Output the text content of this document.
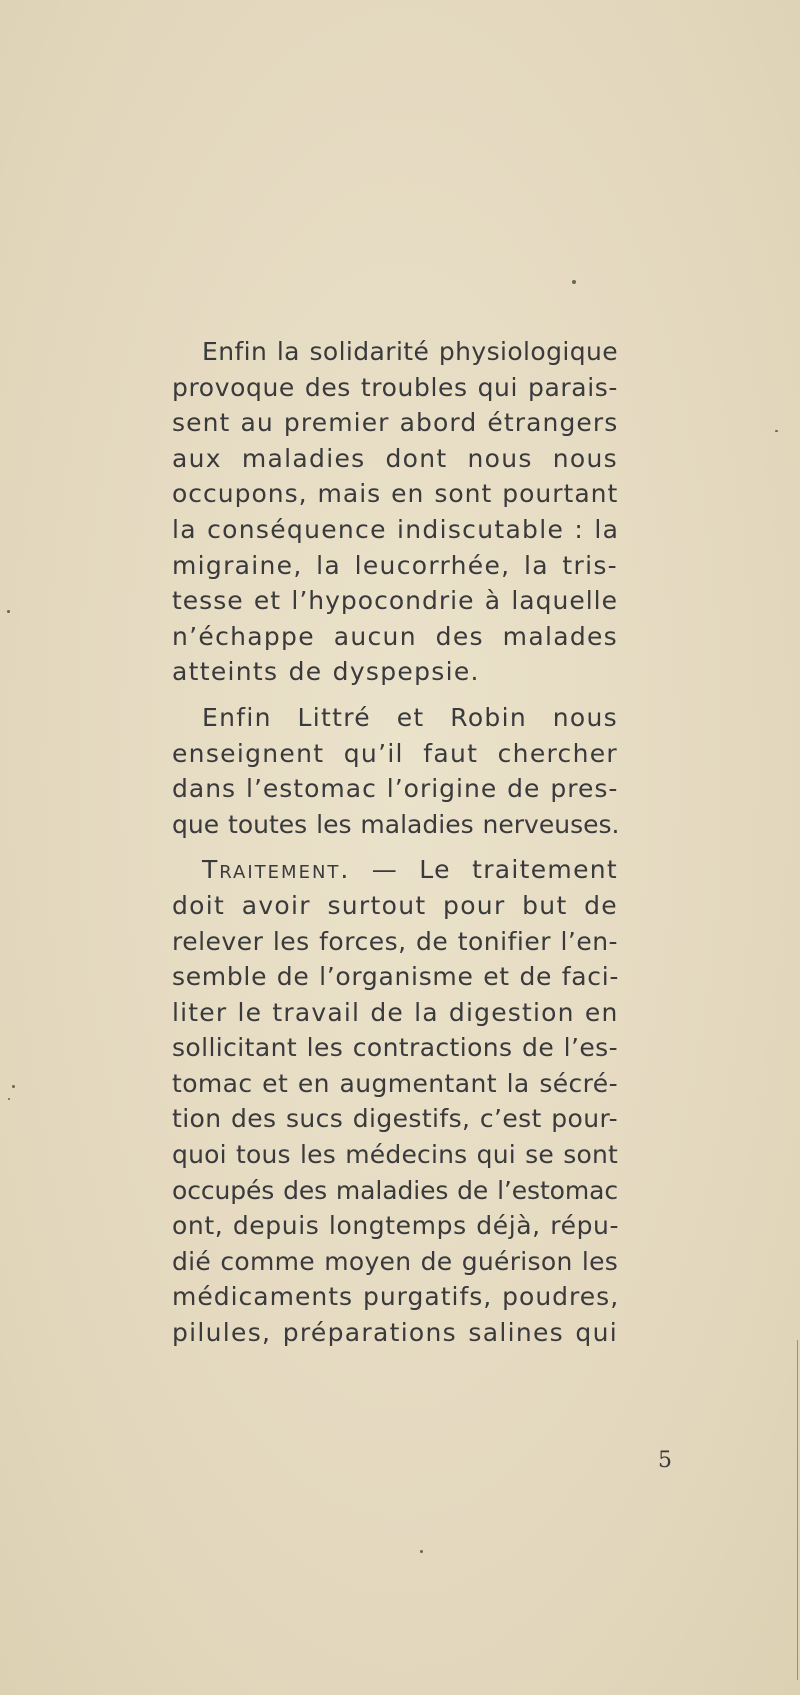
Enfin la solidarité physiologique
provoque des troubles qui parais-
sent au premier abord étrangers
aux maladies dont nous nous
occupons, mais en sont pourtant
la conséquence indiscutable : la
migraine, la leucorrhée, la tris-
tesse et l’hypocondrie à laquelle
n’échappe aucun des malades
atteints de dyspepsie.
Enfin Littré et Robin nous
enseignent qu’il faut chercher
dans l’estomac l’origine de pres-
que toutes les maladies nerveuses.
Traitement. — Le traitement
doit avoir surtout pour but de
relever les forces, de tonifier l’en-
semble de l’organisme et de faci-
liter le travail de la digestion en
sollicitant les contractions de l’es-
tomac et en augmentant la sécré-
tion des sucs digestifs, c’est pour-
quoi tous les médecins qui se sont
occupés des maladies de l’estomac
ont, depuis longtemps déjà, répu-
dié comme moyen de guérison les
médicaments purgatifs, poudres,
pilules, préparations salines qui
5
